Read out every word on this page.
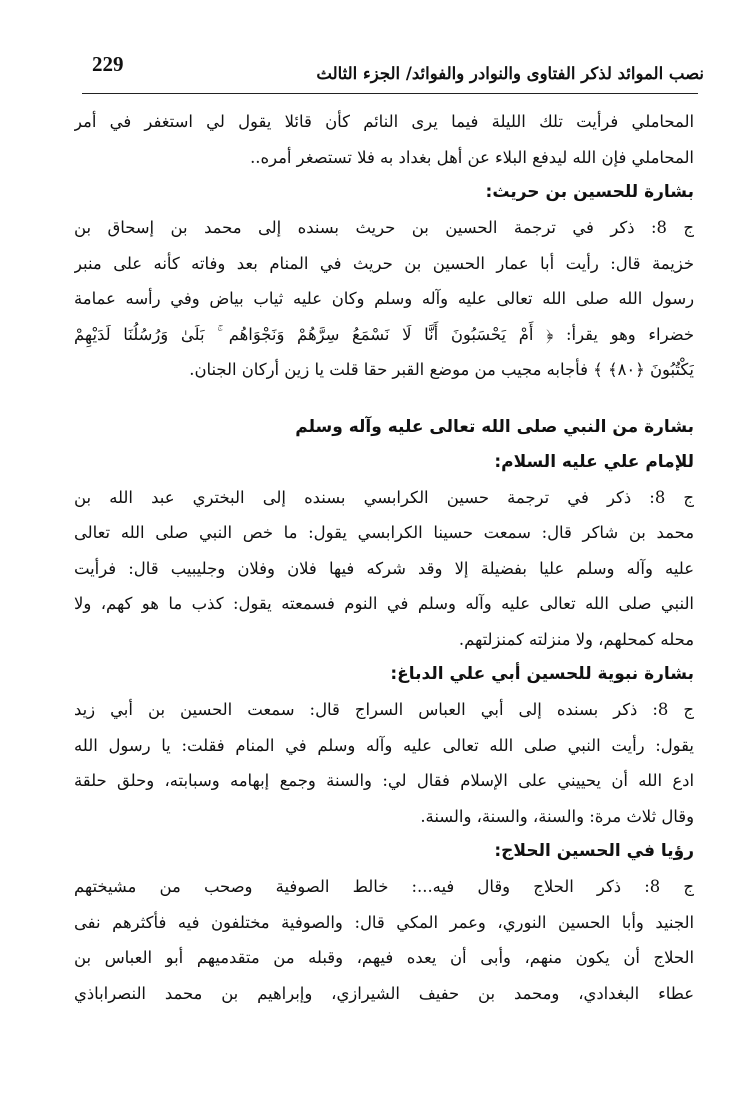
229	نصب الموائد لذكر الفتاوى والنوادر والفوائد/ الجزء الثالث

المحاملي فرأيت تلك الليلة فيما يرى النائم كأن قائلا يقول لي استغفر في أمر
المحاملي فإن الله ليدفع البلاء عن أهل بغداد به فلا تستصغر أمره..

بشارة للحسين بن حريث:

ج 8: ذكر في ترجمة الحسين بن حريث بسنده إلى محمد بن إسحاق بن
خزيمة قال: رأيت أبا عمار الحسين بن حريث في المنام بعد وفاته كأنه على منبر
رسول الله صلى الله تعالى عليه وآله وسلم وكان عليه ثياب بياض وفي رأسه عمامة
خضراء وهو يقرأ: ﴿ أَمْ يَحْسَبُونَ أَنَّا لَا نَسْمَعُ سِرَّهُمْ وَنَجْوَاهُم ۚ بَلَىٰ وَرُسُلُنَا لَدَيْهِمْ
يَكْتُبُونَ ﴿٨٠﴾ ﴾ فأجابه مجيب من موضع القبر حقا قلت يا زين أركان الجنان.

بشارة من النبي صلى الله تعالى عليه وآله وسلم
للإمام علي عليه السلام:

ج 8: ذكر في ترجمة حسين الكرابسي بسنده إلى البختري عبد الله بن
محمد بن شاكر قال: سمعت حسينا الكرابسي يقول: ما خص النبي صلى الله تعالى
عليه وآله وسلم عليا بفضيلة إلا وقد شركه فيها فلان وفلان وجليبيب قال: فرأيت
النبي صلى الله تعالى عليه وآله وسلم في النوم فسمعته يقول: كذب ما هو كهم، ولا
محله كمحلهم، ولا منزلته كمنزلتهم.

بشارة نبوية للحسين أبي علي الدباغ:

ج 8: ذكر بسنده إلى أبي العباس السراج قال: سمعت الحسين بن أبي زيد
يقول: رأيت النبي صلى الله تعالى عليه وآله وسلم في المنام فقلت: يا رسول الله
ادع الله أن يحييني على الإسلام فقال لي: والسنة وجمع إبهامه وسبابته، وحلق حلقة
وقال ثلاث مرة: والسنة، والسنة، والسنة.

رؤيا في الحسين الحلاج:

ج 8: ذكر الحلاج وقال فيه...: خالط الصوفية وصحب من مشيختهم
الجنيد وأبا الحسين النوري، وعمر المكي قال: والصوفية مختلفون فيه فأكثرهم نفى
الحلاج أن يكون منهم، وأبى أن يعده فيهم، وقبله من متقدميهم أبو العباس بن
عطاء البغدادي، ومحمد بن حفيف الشيرازي، وإبراهيم بن محمد النصراباذي
